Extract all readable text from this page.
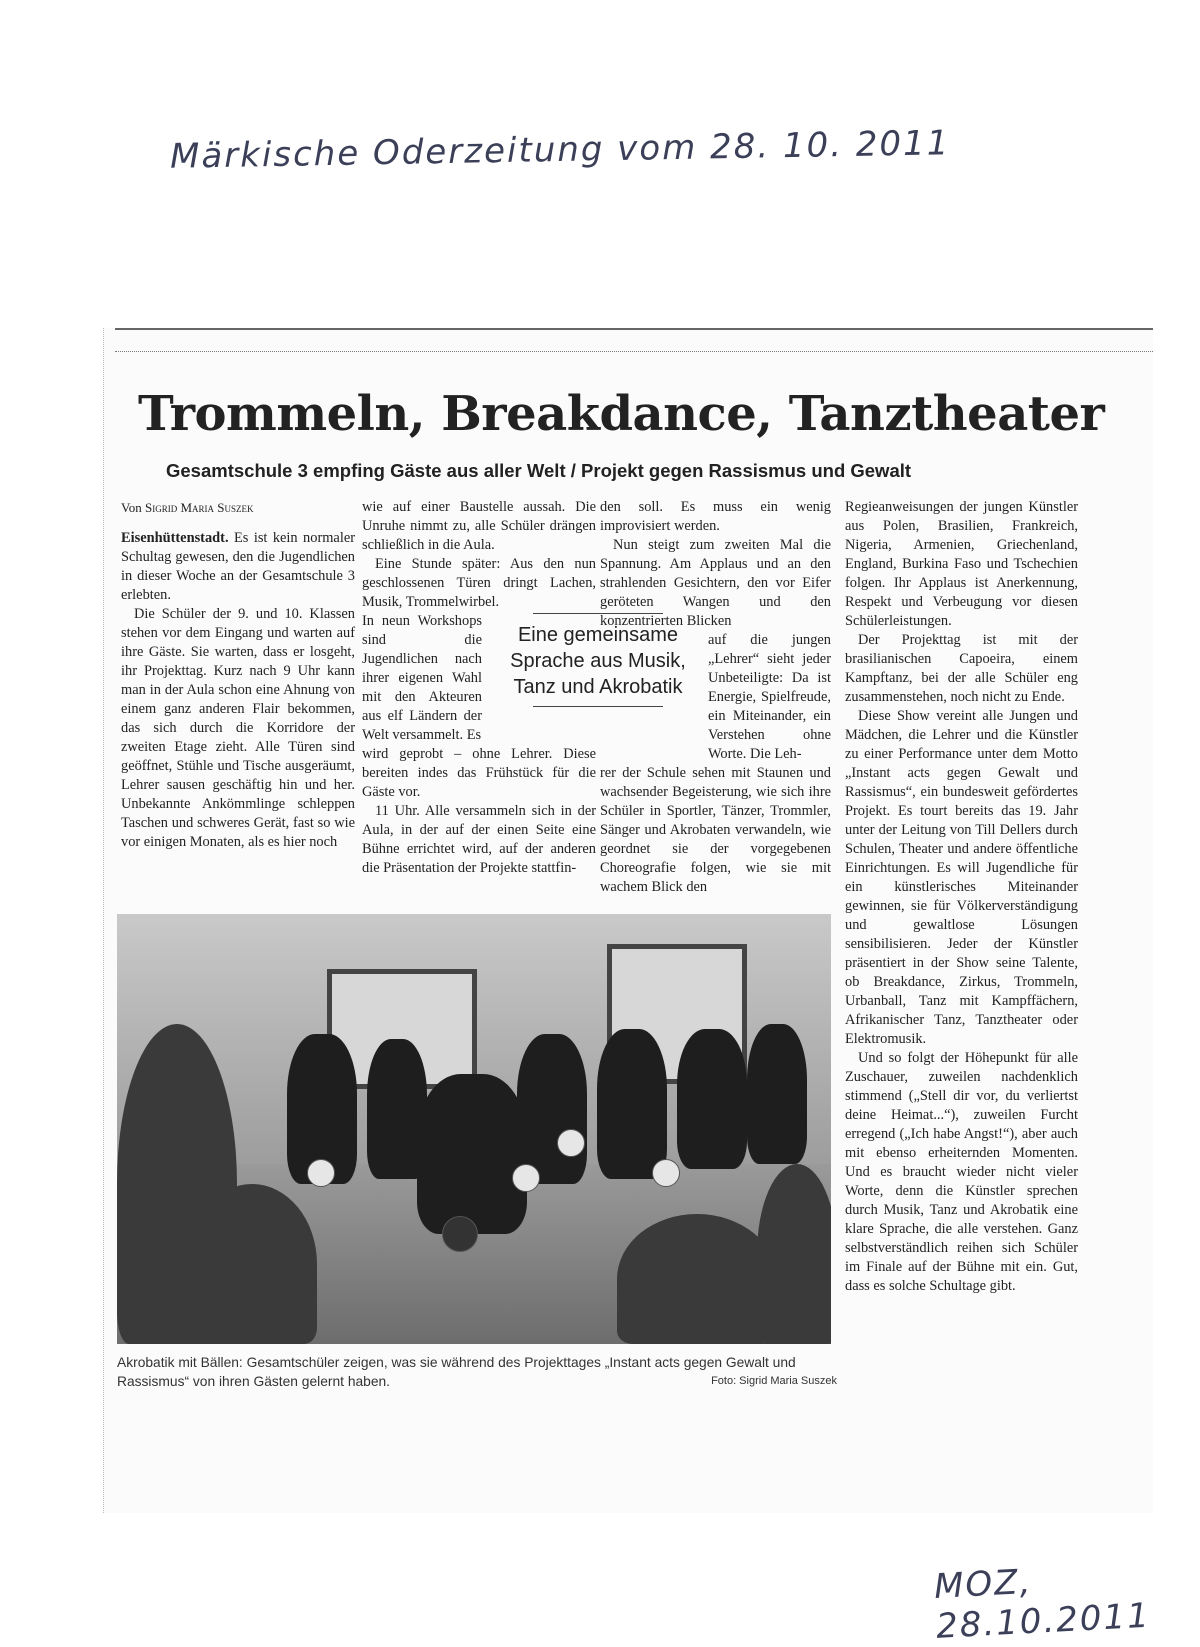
Märkische Oderzeitung vom 28. 10. 2011
Trommeln, Breakdance, Tanztheater
Gesamtschule 3 empfing Gäste aus aller Welt / Projekt gegen Rassismus und Gewalt

Von Sigrid Maria Suszek

Eisenhüttenstadt. Es ist kein normaler Schultag gewesen, den die Jugendlichen in dieser Woche an der Gesamtschule 3 erlebten.

Die Schüler der 9. und 10. Klassen stehen vor dem Eingang und warten auf ihre Gäste. Sie warten, dass er losgeht, ihr Projekttag. Kurz nach 9 Uhr kann man in der Aula schon eine Ahnung von einem ganz anderen Flair bekommen, das sich durch die Korridore der zweiten Etage zieht. Alle Türen sind geöffnet, Stühle und Tische ausgeräumt, Lehrer sausen geschäftig hin und her. Unbekannte Ankömmlinge schleppen Taschen und schweres Gerät, fast so wie vor einigen Monaten, als es hier noch

wie auf einer Baustelle aussah. Die Unruhe nimmt zu, alle Schüler drängen schließlich in die Aula.

Eine Stunde später: Aus den nun geschlossenen Türen dringt Lachen, Musik, Trommelwirbel.

In neun Workshops sind die Jugendlichen nach ihrer eigenen Wahl mit den Akteuren aus elf Ländern der Welt versammelt. Es

wird geprobt – ohne Lehrer. Diese bereiten indes das Frühstück für die Gäste vor.

11 Uhr. Alle versammeln sich in der Aula, in der auf der einen Seite eine Bühne errichtet wird, auf der anderen die Präsentation der Projekte stattfin-

den soll. Es muss ein wenig improvisiert werden.

Nun steigt zum zweiten Mal die Spannung. Am Applaus und an den strahlenden Gesichtern, den vor Eifer geröteten Wangen und den konzentrierten Blicken

auf die jungen „Lehrer“ sieht jeder Unbeteiligte: Da ist Energie, Spielfreude, ein Miteinander, ein Verstehen ohne Worte. Die Leh-

rer der Schule sehen mit Staunen und wachsender Begeisterung, wie sich ihre Schüler in Sportler, Tänzer, Trommler, Sänger und Akrobaten verwandeln, wie geordnet sie der vorgegebenen Choreografie folgen, wie sie mit wachem Blick den

Regieanweisungen der jungen Künstler aus Polen, Brasilien, Frankreich, Nigeria, Armenien, Griechenland, England, Burkina Faso und Tschechien folgen. Ihr Applaus ist Anerkennung, Respekt und Verbeugung vor diesen Schülerleistungen.

Der Projekttag ist mit der brasilianischen Capoeira, einem Kampftanz, bei der alle Schüler eng zusammenstehen, noch nicht zu Ende.

Diese Show vereint alle Jungen und Mädchen, die Lehrer und die Künstler zu einer Performance unter dem Motto „Instant acts gegen Gewalt und Rassismus“, ein bundesweit gefördertes Projekt. Es tourt bereits das 19. Jahr unter der Leitung von Till Dellers durch Schulen, Theater und andere öffentliche Einrichtungen. Es will Jugendliche für ein künstlerisches Miteinander gewinnen, sie für Völkerverständigung und gewaltlose Lösungen sensibilisieren. Jeder der Künstler präsentiert in der Show seine Talente, ob Breakdance, Zirkus, Trommeln, Urbanball, Tanz mit Kampffächern, Afrikanischer Tanz, Tanztheater oder Elektromusik.

Und so folgt der Höhepunkt für alle Zuschauer, zuweilen nachdenklich stimmend („Stell dir vor, du verliertst deine Heimat...“), zuweilen Furcht erregend („Ich habe Angst!“), aber auch mit ebenso erheiternden Momenten. Und es braucht wieder nicht vieler Worte, denn die Künstler sprechen durch Musik, Tanz und Akrobatik eine klare Sprache, die alle verstehen. Ganz selbstverständlich reihen sich Schüler im Finale auf der Bühne mit ein. Gut, dass es solche Schultage gibt.

Eine gemeinsame Sprache aus Musik, Tanz und Akrobatik
Akrobatik mit Bällen: Gesamtschüler zeigen, was sie während des Projekttages „Instant acts gegen Gewalt und Rassismus“ von ihren Gästen gelernt haben.	Foto: Sigrid Maria Suszek
MOZ, 28.10.2011
